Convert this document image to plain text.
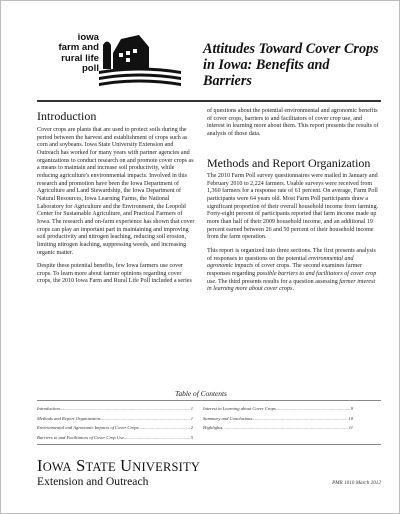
iowa
farm and
rural life
poll
Attitudes Toward Cover Crops in Iowa: Benefits and Barriers
Introduction

Cover crops are plants that are used to protect soils during the period between the harvest and establishment of crops such as corn and soybeans. Iowa State University Extension and Outreach has worked for many years with partner agencies and organizations to conduct research on and promote cover crops as a means to maintain and increase soil productivity, while reducing agriculture's environmental impacts. Involved in this research and promotion have been the Iowa Department of Agriculture and Land Stewardship, the Iowa Department of Natural Resources, Iowa Learning Farms, the National Laboratory for Agriculture and the Environment, the Leopold Center for Sustainable Agriculture, and Practical Farmers of Iowa. The research and on-farm experience has shown that cover crops can play an important part in maintaining and improving soil productivity and nitrogen leaching, reducing soil erosion, limiting nitrogen leaching, suppressing weeds, and increasing organic matter.

Despite these potential benefits, few Iowa farmers use cover crops. To learn more about farmer opinions regarding cover crops, the 2010 Iowa Farm and Rural Life Poll included a series

of questions about the potential environmental and agronomic benefits of cover crops, barriers to and facilitators of cover crop use, and interest in learning more about them. This report presents the results of analysis of those data.

Methods and Report Organization

The 2010 Farm Poll survey questionnaires were mailed in January and February 2010 to 2,224 farmers. Usable surveys were received from 1,360 farmers for a response rate of 61 percent. On average, Farm Poll participants were 64 years old. Most Farm Poll participants draw a significant proportion of their overall household income from farming. Forty-eight percent of participants reported that farm income made up more than half of their 2009 household income, and an additional 19 percent earned between 26 and 50 percent of their household income from the farm operation.

This report is organized into three sections. The first presents analysis of responses to questions on the potential environmental and agronomic impacts of cover crops. The second examines farmer responses regarding possible barriers to and facilitators of cover crop use. The third presents results for a question assessing farmer interest in learning more about cover crops.

Table of Contents
Introduction .....	1
Methods and Report Organization .....	1
Environmental and Agronomic Impacts of Cover Crops .....	2
Barriers to and Facilitators of Cover Crop Use .....	5
Interest in Learning about Cover Crops .....	9
Summary and Conclusions .....	10
Highlights .....	11
IOWA STATE UNIVERSITY
Extension and Outreach	PMR 1010 March 2012
